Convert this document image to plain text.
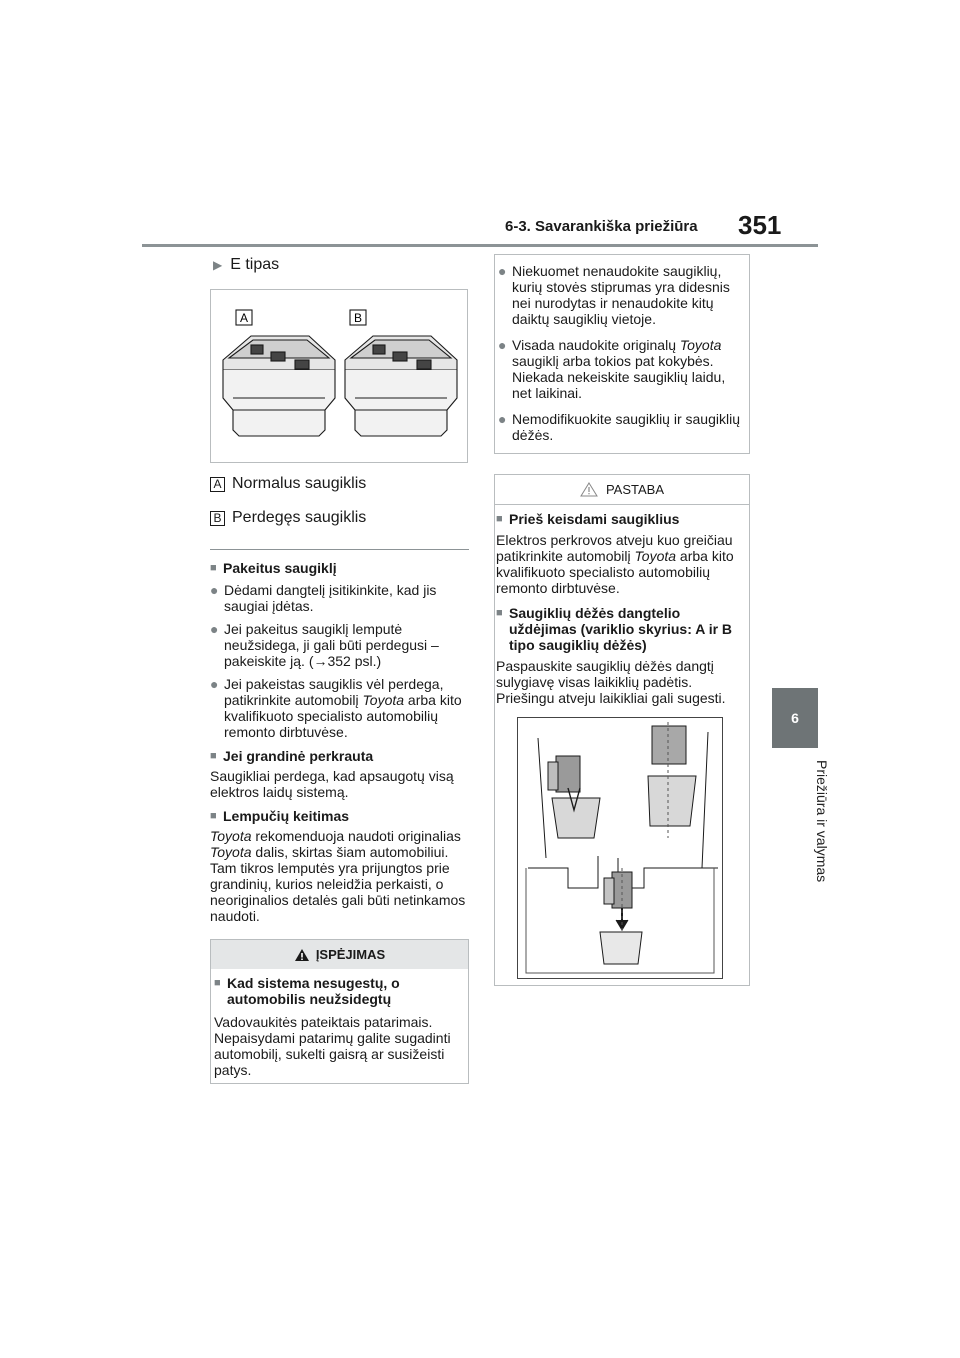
6-3. Savarankiška priežiūra 351
6
Priežiūra ir valymas
▶ E tipas
A	B
A Normalus saugiklis
B Perdegęs saugiklis
■ Pakeitus saugiklį
● Dėdami dangtelį įsitikinkite, kad jis saugiai įdėtas.
● Jei pakeitus saugiklį lemputė neužsidega, ji gali būti perdegusi – pakeiskite ją. (→352 psl.)
● Jei pakeistas saugiklis vėl perdega, patikrinkite automobilį Toyota arba kito kvalifikuoto specialisto automobilių remonto dirbtuvėse.
■ Jei grandinė perkrauta
Saugikliai perdega, kad apsaugotų visą elektros laidų sistemą.
■ Lempučių keitimas
Toyota rekomenduoja naudoti originalias Toyota dalis, skirtas šiam automobiliui. Tam tikros lemputės yra prijungtos prie grandinių, kurios neleidžia perkaisti, o neoriginalios detalės gali būti netinkamos naudoti.
ĮSPĖJIMAS
■ Kad sistema nesugestų, o automobilis neužsidegtų
Vadovaukitės pateiktais patarimais. Nepaisydami patarimų galite sugadinti automobilį, sukelti gaisrą ar susižeisti patys.
● Niekuomet nenaudokite saugiklių, kurių stovės stiprumas yra didesnis nei nurodytas ir nenaudokite kitų daiktų saugiklių vietoje.
● Visada naudokite originalų Toyota saugiklį arba tokios pat kokybės. Niekada nekeiskite saugiklių laidu, net laikinai.
● Nemodifikuokite saugiklių ir saugiklių dėžės.
PASTABA
■ Prieš keisdami saugiklius
Elektros perkrovos atveju kuo greičiau patikrinkite automobilį Toyota arba kito kvalifikuoto specialisto automobilių remonto dirbtuvėse.
■ Saugiklių dėžės dangtelio uždėjimas (variklio skyrius: A ir B tipo saugiklių dėžės)
Paspauskite saugiklių dėžės dangtį sulygiavę visas laikiklių padėtis. Priešingu atveju laikikliai gali sugesti.
